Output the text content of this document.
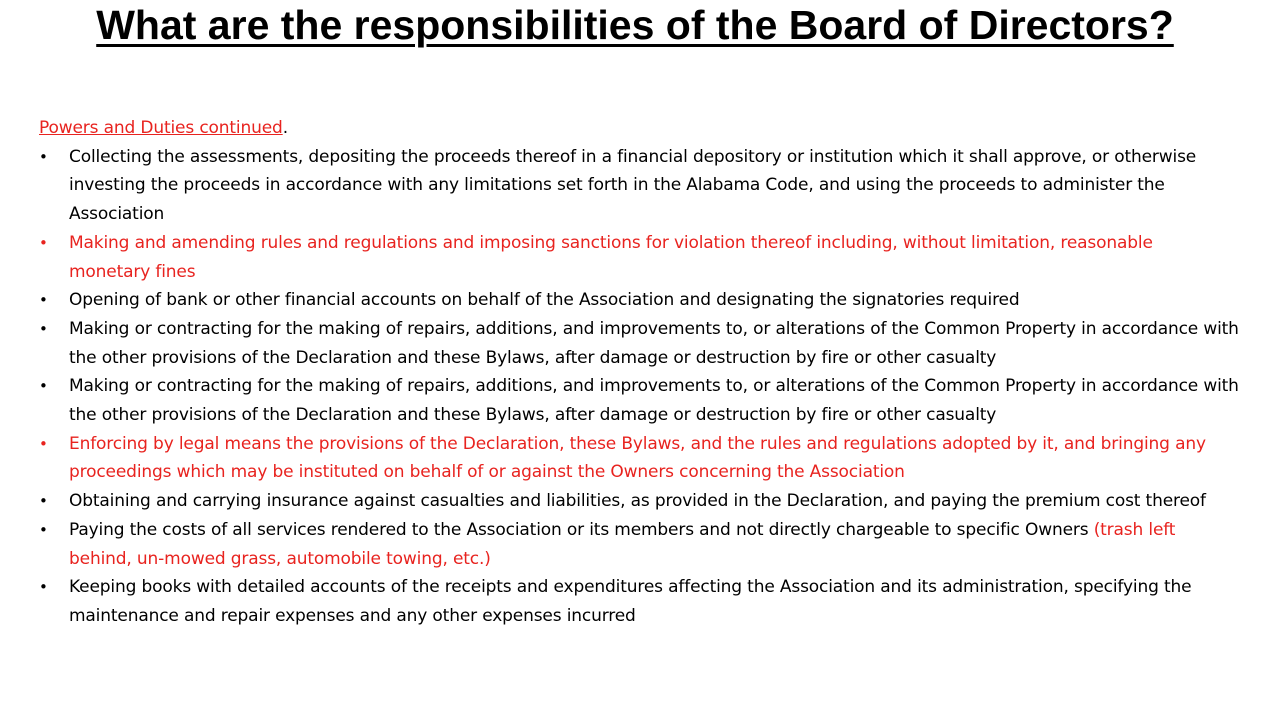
What are the responsibilities of the Board of Directors?

Powers and Duties continued.

• Collecting the assessments, depositing the proceeds thereof in a financial depository or institution which it shall approve, or otherwise investing the proceeds in accordance with any limitations set forth in the Alabama Code, and using the proceeds to administer the Association
• Making and amending rules and regulations and imposing sanctions for violation thereof including, without limitation, reasonable monetary fines
• Opening of bank or other financial accounts on behalf of the Association and designating the signatories required
• Making or contracting for the making of repairs, additions, and improvements to, or alterations of the Common Property in accordance with the other provisions of the Declaration and these Bylaws, after damage or destruction by fire or other casualty
• Making or contracting for the making of repairs, additions, and improvements to, or alterations of the Common Property in accordance with the other provisions of the Declaration and these Bylaws, after damage or destruction by fire or other casualty
• Enforcing by legal means the provisions of the Declaration, these Bylaws, and the rules and regulations adopted by it, and bringing any proceedings which may be instituted on behalf of or against the Owners concerning the Association
• Obtaining and carrying insurance against casualties and liabilities, as provided in the Declaration, and paying the premium cost thereof
• Paying the costs of all services rendered to the Association or its members and not directly chargeable to specific Owners (trash left behind, un-mowed grass, automobile towing, etc.)
• Keeping books with detailed accounts of the receipts and expenditures affecting the Association and its administration, specifying the maintenance and repair expenses and any other expenses incurred
